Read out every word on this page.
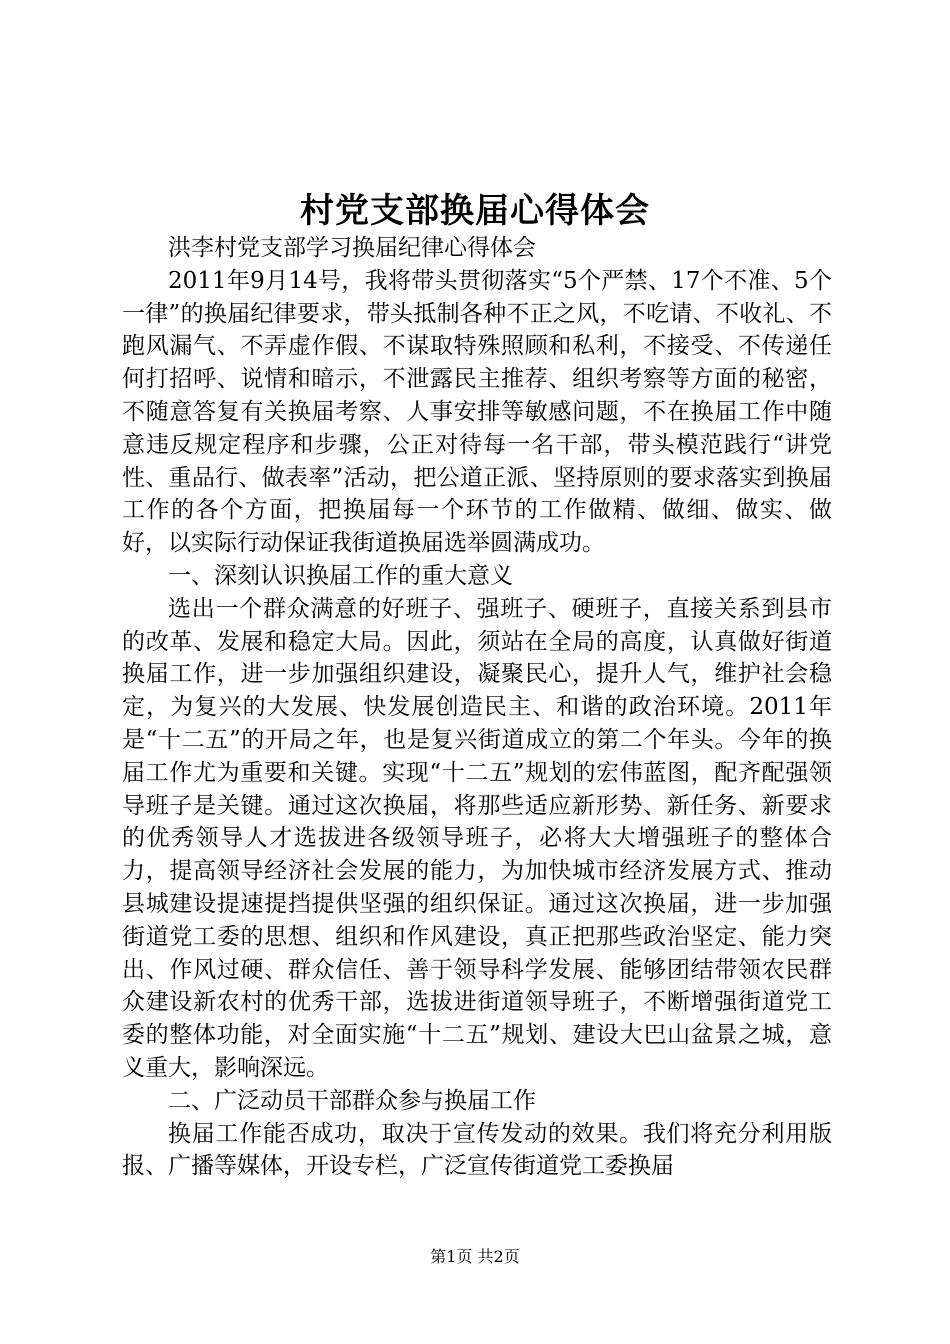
村党支部换届心得体会

洪李村党支部学习换届纪律心得体会

2011年9月14号，我将带头贯彻落实“5个严禁、17个不准、5个一律”的换届纪律要求，带头抵制各种不正之风，不吃请、不收礼、不跑风漏气、不弄虚作假、不谋取特殊照顾和私利，不接受、不传递任何打招呼、说情和暗示，不泄露民主推荐、组织考察等方面的秘密，不随意答复有关换届考察、人事安排等敏感问题，不在换届工作中随意违反规定程序和步骤，公正对待每一名干部，带头模范践行“讲党性、重品行、做表率”活动，把公道正派、坚持原则的要求落实到换届工作的各个方面，把换届每一个环节的工作做精、做细、做实、做好，以实际行动保证我街道换届选举圆满成功。

一、深刻认识换届工作的重大意义

选出一个群众满意的好班子、强班子、硬班子，直接关系到县市的改革、发展和稳定大局。因此，须站在全局的高度，认真做好街道换届工作，进一步加强组织建设，凝聚民心，提升人气，维护社会稳定，为复兴的大发展、快发展创造民主、和谐的政治环境。2011年是“十二五”的开局之年，也是复兴街道成立的第二个年头。今年的换届工作尤为重要和关键。实现“十二五”规划的宏伟蓝图，配齐配强领导班子是关键。通过这次换届，将那些适应新形势、新任务、新要求的优秀领导人才选拔进各级领导班子，必将大大增强班子的整体合力，提高领导经济社会发展的能力，为加快城市经济发展方式、推动县城建设提速提挡提供坚强的组织保证。通过这次换届，进一步加强街道党工委的思想、组织和作风建设，真正把那些政治坚定、能力突出、作风过硬、群众信任、善于领导科学发展、能够团结带领农民群众建设新农村的优秀干部，选拔进街道领导班子，不断增强街道党工委的整体功能，对全面实施“十二五”规划、建设大巴山盆景之城，意义重大，影响深远。

二、广泛动员干部群众参与换届工作

换届工作能否成功，取决于宣传发动的效果。我们将充分利用版报、广播等媒体，开设专栏，广泛宣传街道党工委换届

第1页 共2页
